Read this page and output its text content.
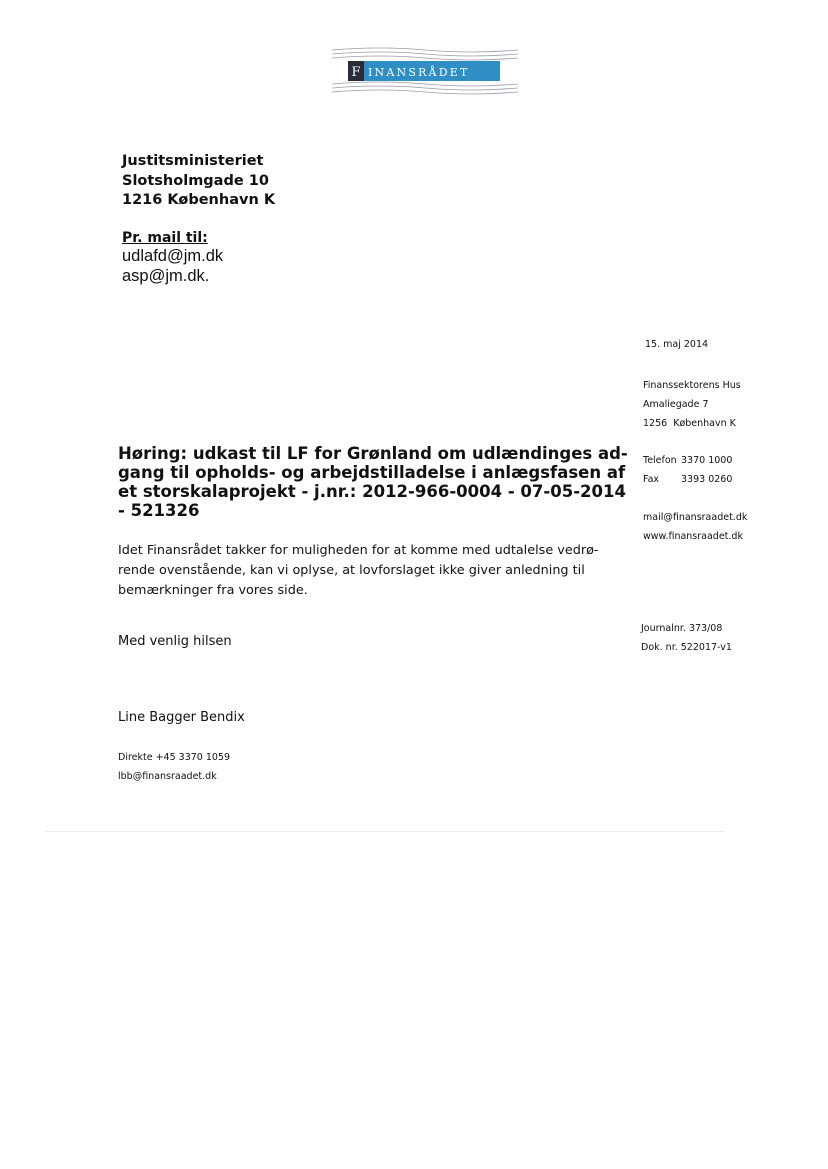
F INANSRÅDET
Justitsministeriet
Slotsholmgade 10
1216 København K
Pr. mail til:
udlafd@jm.dk
asp@jm.dk.
15. maj 2014
Finanssektorens Hus
Amaliegade 7
1256  København K
Telefon 3370 1000
Fax 3393 0260
mail@finansraadet.dk
www.finansraadet.dk
Journalnr. 373/08
Dok. nr. 522017-v1
Høring: udkast til LF for Grønland om udlændinges ad-
gang til opholds- og arbejdstilladelse i anlægsfasen af
et storskalaprojekt - j.nr.: 2012-966-0004 - 07-05-2014
- 521326
Idet Finansrådet takker for muligheden for at komme med udtalelse vedrø-
rende ovenstående, kan vi oplyse, at lovforslaget ikke giver anledning til
bemærkninger fra vores side.
Med venlig hilsen
Line Bagger Bendix
Direkte +45 3370 1059
lbb@finansraadet.dk
